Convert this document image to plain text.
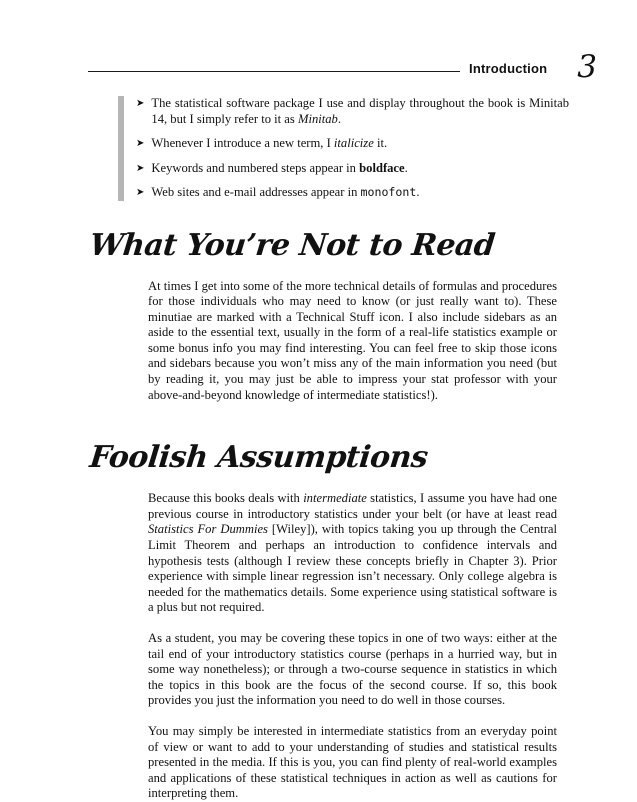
Introduction 3
➤ The statistical software package I use and display throughout the book is Minitab 14, but I simply refer to it as Minitab.
➤ Whenever I introduce a new term, I italicize it.
➤ Keywords and numbered steps appear in boldface.
➤ Web sites and e-mail addresses appear in monofont.
What You’re Not to Read

At times I get into some of the more technical details of formulas and procedures for those individuals who may need to know (or just really want to). These minutiae are marked with a Technical Stuff icon. I also include sidebars as an aside to the essential text, usually in the form of a real-life statistics example or some bonus info you may find interesting. You can feel free to skip those icons and sidebars because you won’t miss any of the main information you need (but by reading it, you may just be able to impress your stat professor with your above-and-beyond knowledge of intermediate statistics!).

Foolish Assumptions

Because this books deals with intermediate statistics, I assume you have had one previous course in introductory statistics under your belt (or have at least read Statistics For Dummies [Wiley]), with topics taking you up through the Central Limit Theorem and perhaps an introduction to confidence intervals and hypothesis tests (although I review these concepts briefly in Chapter 3). Prior experience with simple linear regression isn’t necessary. Only college algebra is needed for the mathematics details. Some experience using statistical software is a plus but not required.

As a student, you may be covering these topics in one of two ways: either at the tail end of your introductory statistics course (perhaps in a hurried way, but in some way nonetheless); or through a two-course sequence in statistics in which the topics in this book are the focus of the second course. If so, this book provides you just the information you need to do well in those courses.

You may simply be interested in intermediate statistics from an everyday point of view or want to add to your understanding of studies and statistical results presented in the media. If this is you, you can find plenty of real-world examples and applications of these statistical techniques in action as well as cautions for interpreting them.
